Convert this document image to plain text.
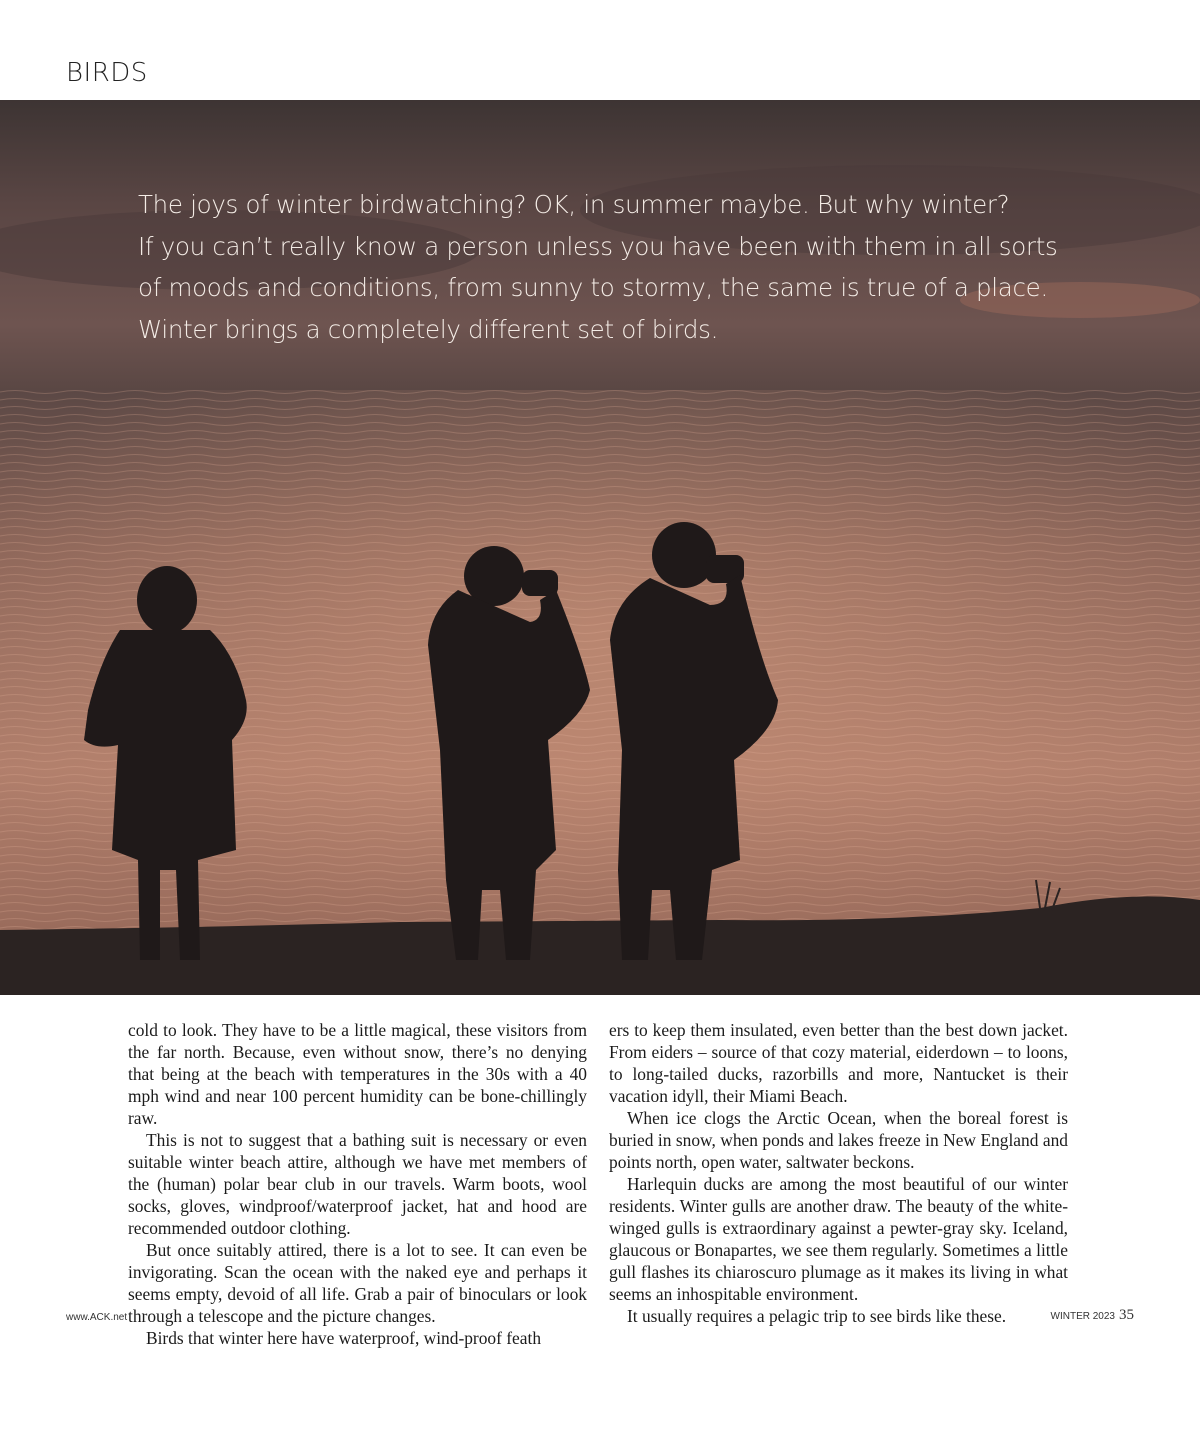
BIRDS
The joys of winter birdwatching? OK, in summer maybe. But why winter?
If you can’t really know a person unless you have been with them in all sorts
of moods and conditions, from sunny to stormy, the same is true of a place.
Winter brings a completely different set of birds.

cold to look. They have to be a little magical, these visitors from the far north. Because, even without snow, there’s no denying that being at the beach with temperatures in the 30s with a 40 mph wind and near 100 percent humidity can be bone-chillingly raw.

This is not to suggest that a bathing suit is necessary or even suitable winter beach attire, although we have met members of the (human) polar bear club in our travels. Warm boots, wool socks, gloves, windproof/waterproof jacket, hat and hood are recommended outdoor clothing.

But once suitably attired, there is a lot to see. It can even be invigorating. Scan the ocean with the naked eye and perhaps it seems empty, devoid of all life. Grab a pair of binoculars or look through a telescope and the picture changes.

Birds that winter here have waterproof, wind-proof feath

ers to keep them insulated, even better than the best down jacket. From eiders – source of that cozy material, eiderdown – to loons, to long-tailed ducks, razorbills and more, Nantucket is their vacation idyll, their Miami Beach.

When ice clogs the Arctic Ocean, when the boreal forest is buried in snow, when ponds and lakes freeze in New England and points north, open water, saltwater beckons.

Harlequin ducks are among the most beautiful of our winter residents. Winter gulls are another draw. The beauty of the white-winged gulls is extraordinary against a pewter-gray sky. Iceland, glaucous or Bonapartes, we see them regularly. Sometimes a little gull flashes its chiaroscuro plumage as it makes its living in what seems an inhospitable environment.

It usually requires a pelagic trip to see birds like these.

www.ACK.net	WINTER 2023 35
